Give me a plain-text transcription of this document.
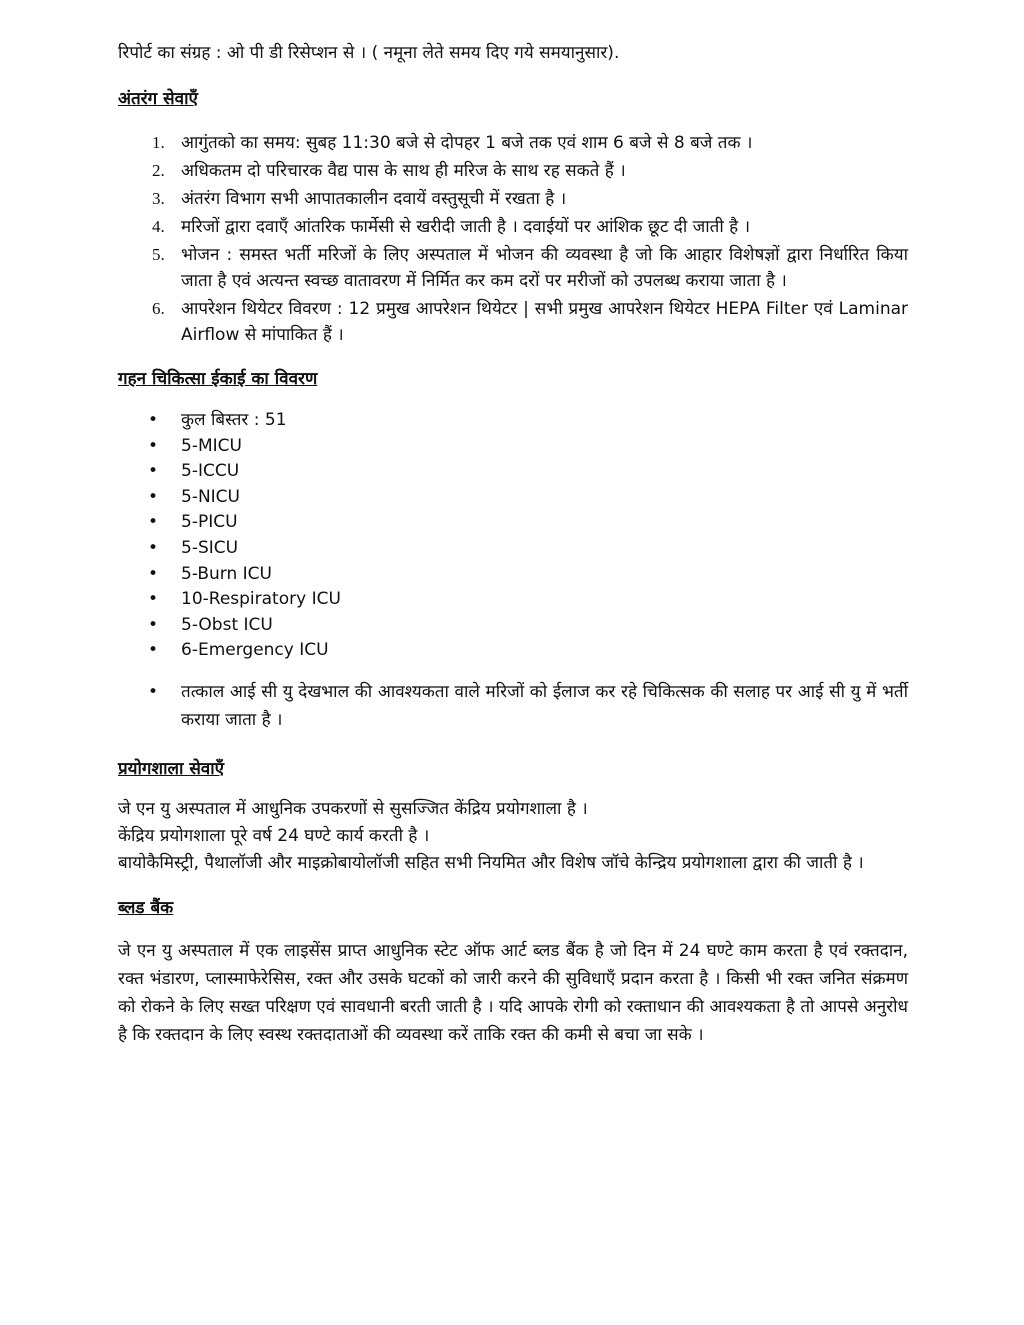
रिपोर्ट का संग्रह : ओ पी डी रिसेप्शन से । ( नमूना लेते समय दिए गये समयानुसार).

अंतरंग सेवाएँ

1. आगुंतको का समय: सुबह 11:30 बजे से दोपहर 1 बजे तक एवं शाम 6 बजे से 8 बजे तक ।
2. अधिकतम दो परिचारक वैद्य पास के साथ ही मरिज के साथ रह सकते हैं ।
3. अंतरंग विभाग सभी आपातकालीन दवायें वस्तुसूची में रखता है ।
4. मरिजों द्वारा दवाएँ आंतरिक फार्मेसी से खरीदी जाती है । दवाईयों पर आंशिक छूट दी जाती है ।
5. भोजन : समस्त भर्ती मरिजों के लिए अस्पताल में भोजन की व्यवस्था है जो कि आहार विशेषज्ञों द्वारा निर्धारित किया जाता है एवं अत्यन्त स्वच्छ वातावरण में निर्मित कर कम दरों पर मरीजों को उपलब्ध कराया जाता है ।
6. आपरेशन थियेटर विवरण : 12 प्रमुख आपरेशन थियेटर | सभी प्रमुख आपरेशन थियेटर HEPA Filter एवं Laminar Airflow से मांपाकित हैं ।

गहन चिकित्सा ईकाई का विवरण

• कुल बिस्तर : 51
• 5-MICU
• 5-ICCU
• 5-NICU
• 5-PICU
• 5-SICU
• 5-Burn ICU
• 10-Respiratory ICU
• 5-Obst ICU
• 6-Emergency ICU
• तत्काल आई सी यु देखभाल की आवश्यकता वाले मरिजों को ईलाज कर रहे चिकित्सक की सलाह पर आई सी यु में भर्ती कराया जाता है ।

प्रयोगशाला सेवाएँ

जे एन यु अस्पताल में आधुनिक उपकरणों से सुसज्जित केंद्रिय प्रयोगशाला है ।

केंद्रिय प्रयोगशाला पूरे वर्ष 24 घण्टे कार्य करती है ।

बायोकैमिस्ट्री, पैथालॉजी और माइक्रोबायोलॉजी सहित सभी नियमित और विशेष जॉचे केन्द्रिय प्रयोगशाला द्वारा की जाती है ।

ब्लड बैंक

जे एन यु अस्पताल में एक लाइसेंस प्राप्त आधुनिक स्टेट ऑफ आर्ट ब्लड बैंक है जो दिन में 24 घण्टे काम करता है एवं रक्तदान, रक्त भंडारण, प्लास्माफेरेसिस, रक्त और उसके घटकों को जारी करने की सुविधाएँ प्रदान करता है । किसी भी रक्त जनित संक्रमण को रोकने के लिए सख्त परिक्षण एवं सावधानी बरती जाती है । यदि आपके रोगी को रक्ताधान की आवश्यकता है तो आपसे अनुरोध है कि रक्तदान के लिए स्वस्थ रक्तदाताओं की व्यवस्था करें ताकि रक्त की कमी से बचा जा सके ।
